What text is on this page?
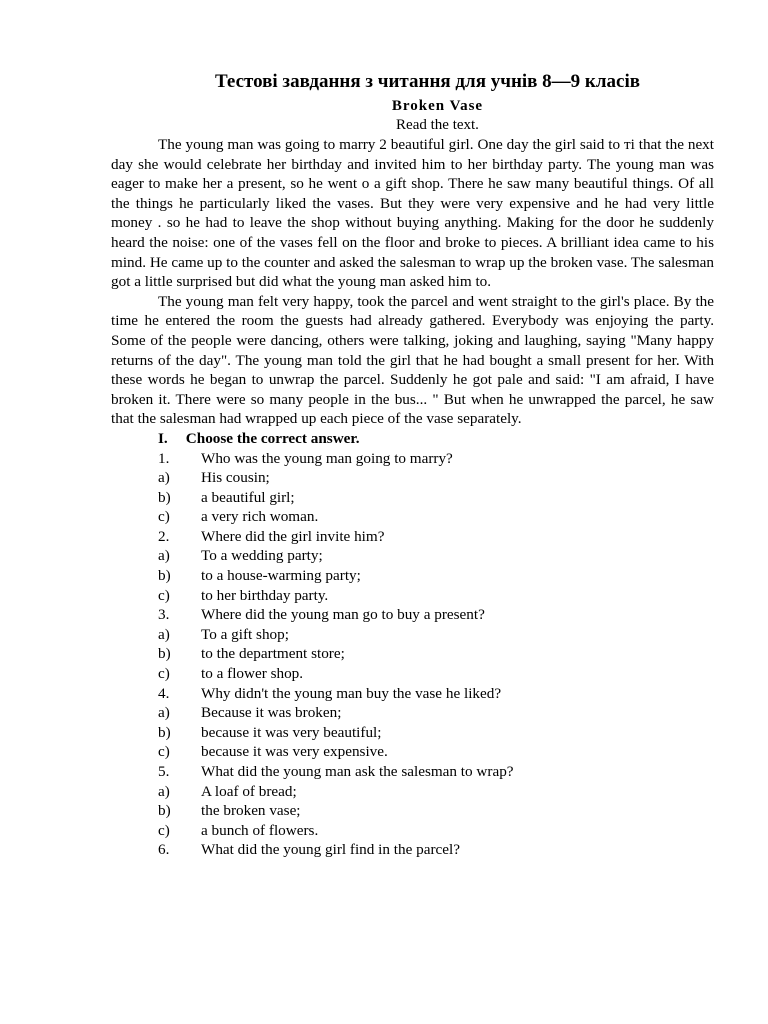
Тестові завдання з читання для учнів 8—9 класів
Broken Vase

Read the text.

The young man was going to marry 2 beautiful girl. One day the girl said to ті that the next day she would celebrate her birthday and invited him to her birthday party. The young man was eager to make her a present, so he went o a gift shop. There he saw many beautiful things. Of all the things he particularly liked the vases. But they were very expensive and he had very little money . so he had to leave the shop without buying anything. Making for the door he suddenly heard the noise: one of the vases fell on the floor and broke to pieces. A brilliant idea came to his mind. He came up to the counter and asked the salesman to wrap up the broken vase. The salesman got a little surprised but did what the young man asked him to.

The young man felt very happy, took the parcel and went straight to the girl's place. By the time he entered the room the guests had already gathered. Everybody was enjoying the party. Some of the people were dancing, others were talking, joking and laughing, saying "Many happy returns of the day". The young man told the girl that he had bought a small present for her. With these words he began to unwrap the parcel. Suddenly he got pale and said: "I am afraid, I have broken it. There were so many people in the bus... " But when he unwrapped the parcel, he saw that the salesman had wrapped up each piece of the vase separately.

I. Choose the correct answer.
1.	Who was the young man going to marry?
a)	His cousin;
b)	a beautiful girl;
c)	a very rich woman.
2.	Where did the girl invite him?
a)	To a wedding party;
b)	to a house-warming party;
c)	to her birthday party.
3.	Where did the young man go to buy a present?
a)	To a gift shop;
b)	to the department store;
c)	to a flower shop.
4.	Why didn't the young man buy the vase he liked?
a)	Because it was broken;
b)	because it was very beautiful;
c)	because it was very expensive.
5.	What did the young man ask the salesman to wrap?
a)	A loaf of bread;
b)	the broken vase;
c)	a bunch of flowers.
6.	What did the young girl find in the parcel?
